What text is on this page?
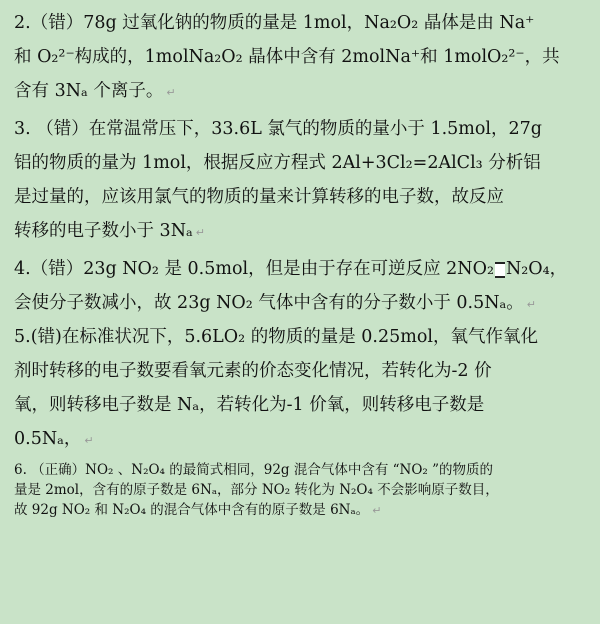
2.（错）78g 过氧化钠的物质的量是 1mol，Na₂O₂ 晶体是由 Na⁺
和 O₂²⁻构成的，1molNa₂O₂ 晶体中含有 2molNa⁺和 1molO₂²⁻，共
含有 3Nₐ 个离子。 ↵
3. （错）在常温常压下，33.6L 氯气的物质的量小于 1.5mol，27g
铝的物质的量为 1mol，根据反应方程式 2Al+3Cl₂=2AlCl₃ 分析铝
是过量的，应该用氯气的物质的量来计算转移的电子数，故反应
转移的电子数小于 3Nₐ ↵
4.（错）23g NO₂ 是 0.5mol，但是由于存在可逆反应 2NO₂ N₂O₄，
会使分子数减小，故 23g NO₂ 气体中含有的分子数小于 0.5Nₐ。 ↵
5.(错)在标准状况下，5.6LO₂ 的物质的量是 0.25mol，氧气作氧化
剂时转移的电子数要看氧元素的价态变化情况，若转化为-2 价
氧，则转移电子数是 Nₐ，若转化为-1 价氧，则转移电子数是
0.5Nₐ， ↵
6. （正确）NO₂ 、N₂O₄ 的最简式相同，92g 混合气体中含有 “NO₂ ”的物质的
量是 2mol，含有的原子数是 6Nₐ，部分 NO₂ 转化为 N₂O₄ 不会影响原子数目，
故 92g NO₂ 和 N₂O₄ 的混合气体中含有的原子数是 6Nₐ。 ↵
